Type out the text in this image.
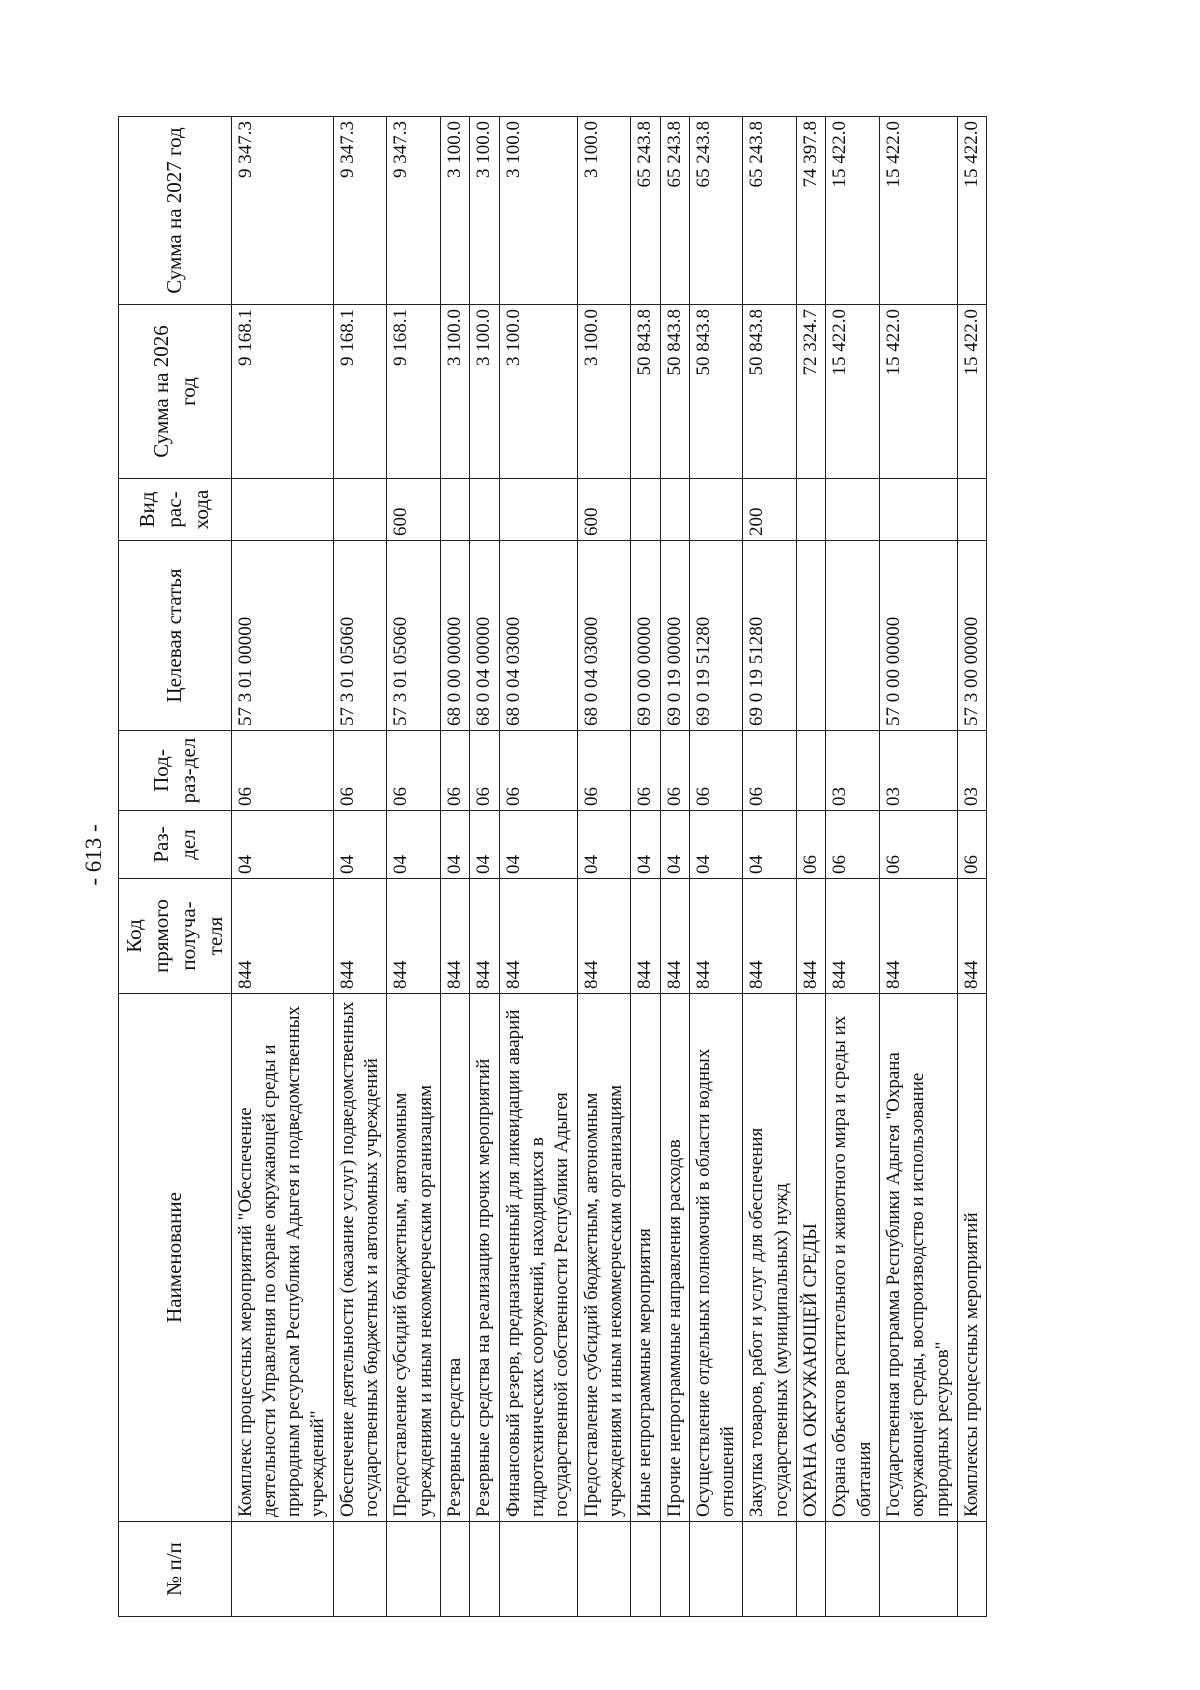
- 613 -
№ п/п	Наименование	Код прямого получа-теля	Раз-дел	Под-раз-дел	Целевая статья	Вид рас-хода	Сумма на 2026 год	Сумма на 2027 год
	Комплекс процессных мероприятий "Обеспечение деятельности Управления по охране окружающей среды и природным ресурсам Республики Адыгея и подведомственных учреждений"	844	04	06	57 3 01 00000		9 168.1	9 347.3
	Обеспечение деятельности (оказание услуг) подведомственных государственных бюджетных и автономных учреждений	844	04	06	57 3 01 05060		9 168.1	9 347.3
	Предоставление субсидий бюджетным, автономным учреждениям и иным некоммерческим организациям	844	04	06	57 3 01 05060	600	9 168.1	9 347.3
	Резервные средства	844	04	06	68 0 00 00000		3 100.0	3 100.0
	Резервные средства на реализацию прочих мероприятий	844	04	06	68 0 04 00000		3 100.0	3 100.0
	Финансовый резерв, предназначенный для ликвидации аварий гидротехнических сооружений, находящихся в государственной собственности Республики Адыгея	844	04	06	68 0 04 03000		3 100.0	3 100.0
	Предоставление субсидий бюджетным, автономным учреждениям и иным некоммерческим организациям	844	04	06	68 0 04 03000	600	3 100.0	3 100.0
	Иные непрограммные мероприятия	844	04	06	69 0 00 00000		50 843.8	65 243.8
	Прочие непрограммные направления расходов	844	04	06	69 0 19 00000		50 843.8	65 243.8
	Осуществление отдельных полномочий в области водных отношений	844	04	06	69 0 19 51280		50 843.8	65 243.8
	Закупка товаров, работ и услуг для обеспечения государственных (муниципальных) нужд	844	04	06	69 0 19 51280	200	50 843.8	65 243.8
	ОХРАНА ОКРУЖАЮЩЕЙ СРЕДЫ	844	06				72 324.7	74 397.8
	Охрана объектов растительного и животного мира и среды их обитания	844	06	03			15 422.0	15 422.0
	Государственная программа Республики Адыгея "Охрана окружающей среды, воспроизводство и использование природных ресурсов"	844	06	03	57 0 00 00000		15 422.0	15 422.0
	Комплексы процессных мероприятий	844	06	03	57 3 00 00000		15 422.0	15 422.0
